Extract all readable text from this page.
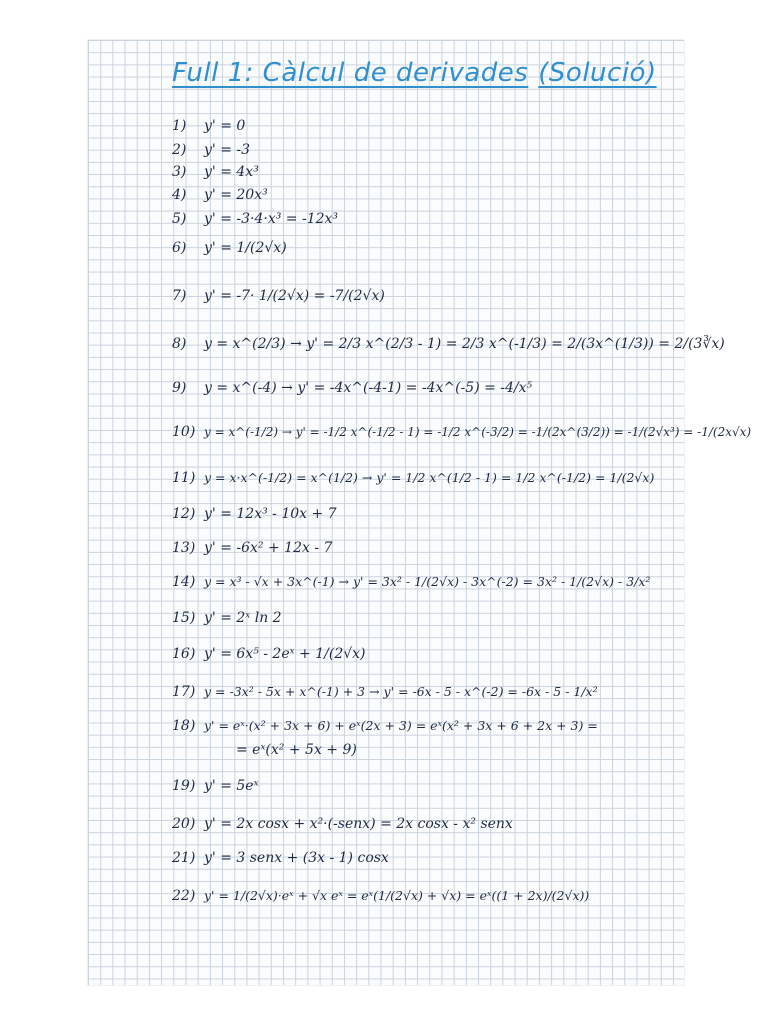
Full 1: Càlcul de derivades (Solució)
1) y' = 0
2) y' = -3
3) y' = 4x³
4) y' = 20x³
5) y' = -3·4·x³ = -12x³
6) y' = 1/(2√x)
7) y' = -7· 1/(2√x) = -7/(2√x)
8) y = x^(2/3) → y' = 2/3 x^(2/3 - 1) = 2/3 x^(-1/3) = 2/(3x^(1/3)) = 2/(3∛x)
9) y = x^(-4) → y' = -4x^(-4-1) = -4x^(-5) = -4/x⁵
10) y = x^(-1/2) → y' = -1/2 x^(-1/2 - 1) = -1/2 x^(-3/2) = -1/(2x^(3/2)) = -1/(2√x³) = -1/(2x√x)
11) y = x·x^(-1/2) = x^(1/2) → y' = 1/2 x^(1/2 - 1) = 1/2 x^(-1/2) = 1/(2√x)
12) y' = 12x³ - 10x + 7
13) y' = -6x² + 12x - 7
14) y = x³ - √x + 3x^(-1) → y' = 3x² - 1/(2√x) - 3x^(-2) = 3x² - 1/(2√x) - 3/x²
15) y' = 2ˣ ln 2
16) y' = 6x⁵ - 2eˣ + 1/(2√x)
17) y = -3x² - 5x + x^(-1) + 3 → y' = -6x - 5 - x^(-2) = -6x - 5 - 1/x²
18) y' = eˣ·(x² + 3x + 6) + eˣ(2x + 3) = eˣ(x² + 3x + 6 + 2x + 3) =
= eˣ(x² + 5x + 9)
19) y' = 5eˣ
20) y' = 2x cosx + x²·(-senx) = 2x cosx - x² senx
21) y' = 3 senx + (3x - 1) cosx
22) y' = 1/(2√x)·eˣ + √x eˣ = eˣ(1/(2√x) + √x) = eˣ((1 + 2x)/(2√x))
